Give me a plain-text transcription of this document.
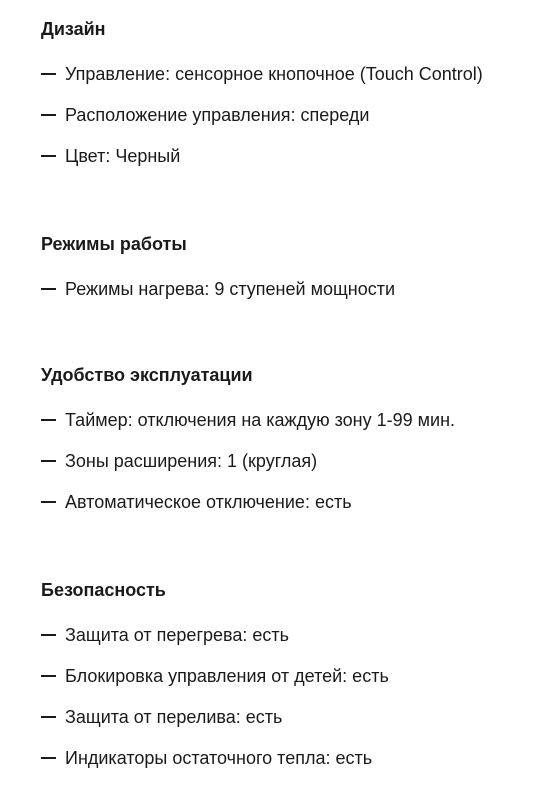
Дизайн
Управление: сенсорное кнопочное (Touch Control)
Расположение управления: спереди
Цвет: Черный
Режимы работы
Режимы нагрева: 9 ступеней мощности
Удобство эксплуатации
Таймер: отключения на каждую зону 1-99 мин.
Зоны расширения: 1 (круглая)
Автоматическое отключение: есть
Безопасность
Защита от перегрева: есть
Блокировка управления от детей: есть
Защита от перелива: есть
Индикаторы остаточного тепла: есть
